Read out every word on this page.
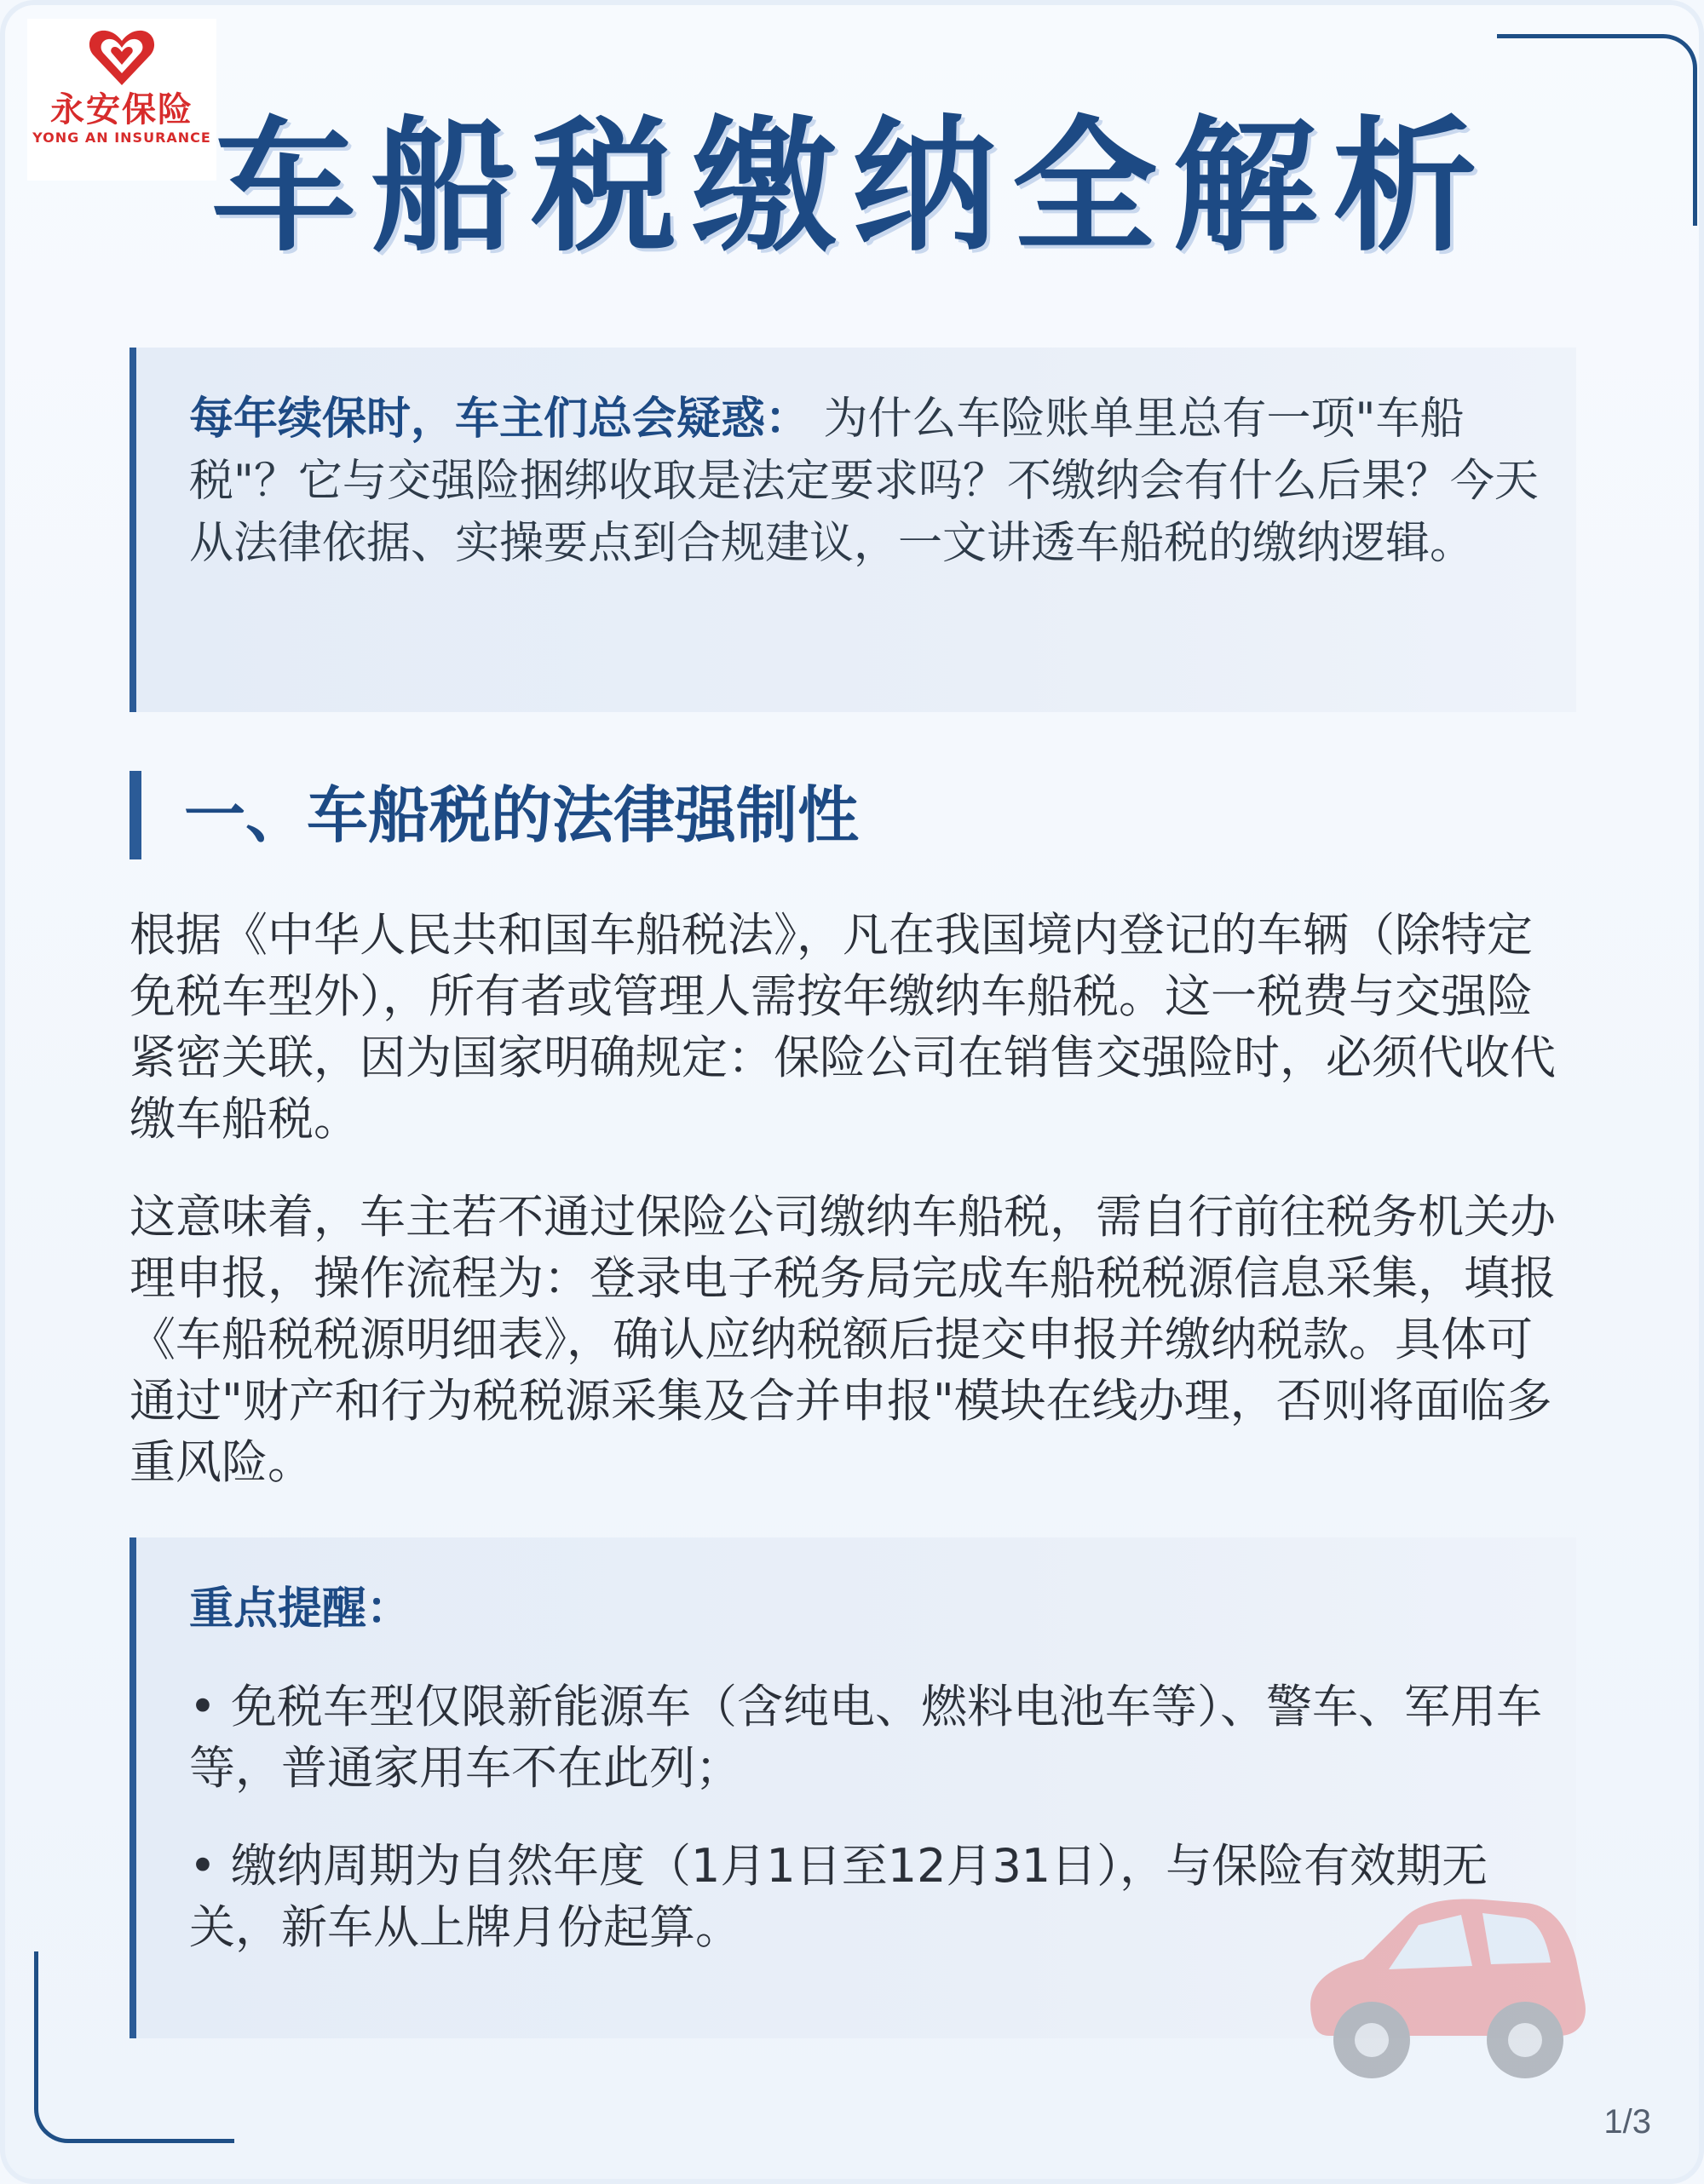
永安保险
YONG AN INSURANCE 车船税缴纳全解析
每年续保时，车主们总会疑惑： 为什么车险账单里总有一项"车船税"？它与交强险捆绑收取是法定要求吗？不缴纳会有什么后果？今天从法律依据、实操要点到合规建议，一文讲透车船税的缴纳逻辑。
一、车船税的法律强制性
根据《中华人民共和国车船税法》，凡在我国境内登记的车辆（除特定免税车型外），所有者或管理人需按年缴纳车船税。这一税费与交强险紧密关联，因为国家明确规定：保险公司在销售交强险时，必须代收代缴车船税。
这意味着，车主若不通过保险公司缴纳车船税，需自行前往税务机关办理申报，操作流程为：登录电子税务局完成车船税税源信息采集，填报《车船税税源明细表》，确认应纳税额后提交申报并缴纳税款。具体可通过"财产和行为税税源采集及合并申报"模块在线办理，否则将面临多重风险。
重点提醒：
• 免税车型仅限新能源车（含纯电、燃料电池车等）、警车、军用车等，普通家用车不在此列；
• 缴纳周期为自然年度（1月1日至12月31日），与保险有效期无关，新车从上牌月份起算。
1/3
